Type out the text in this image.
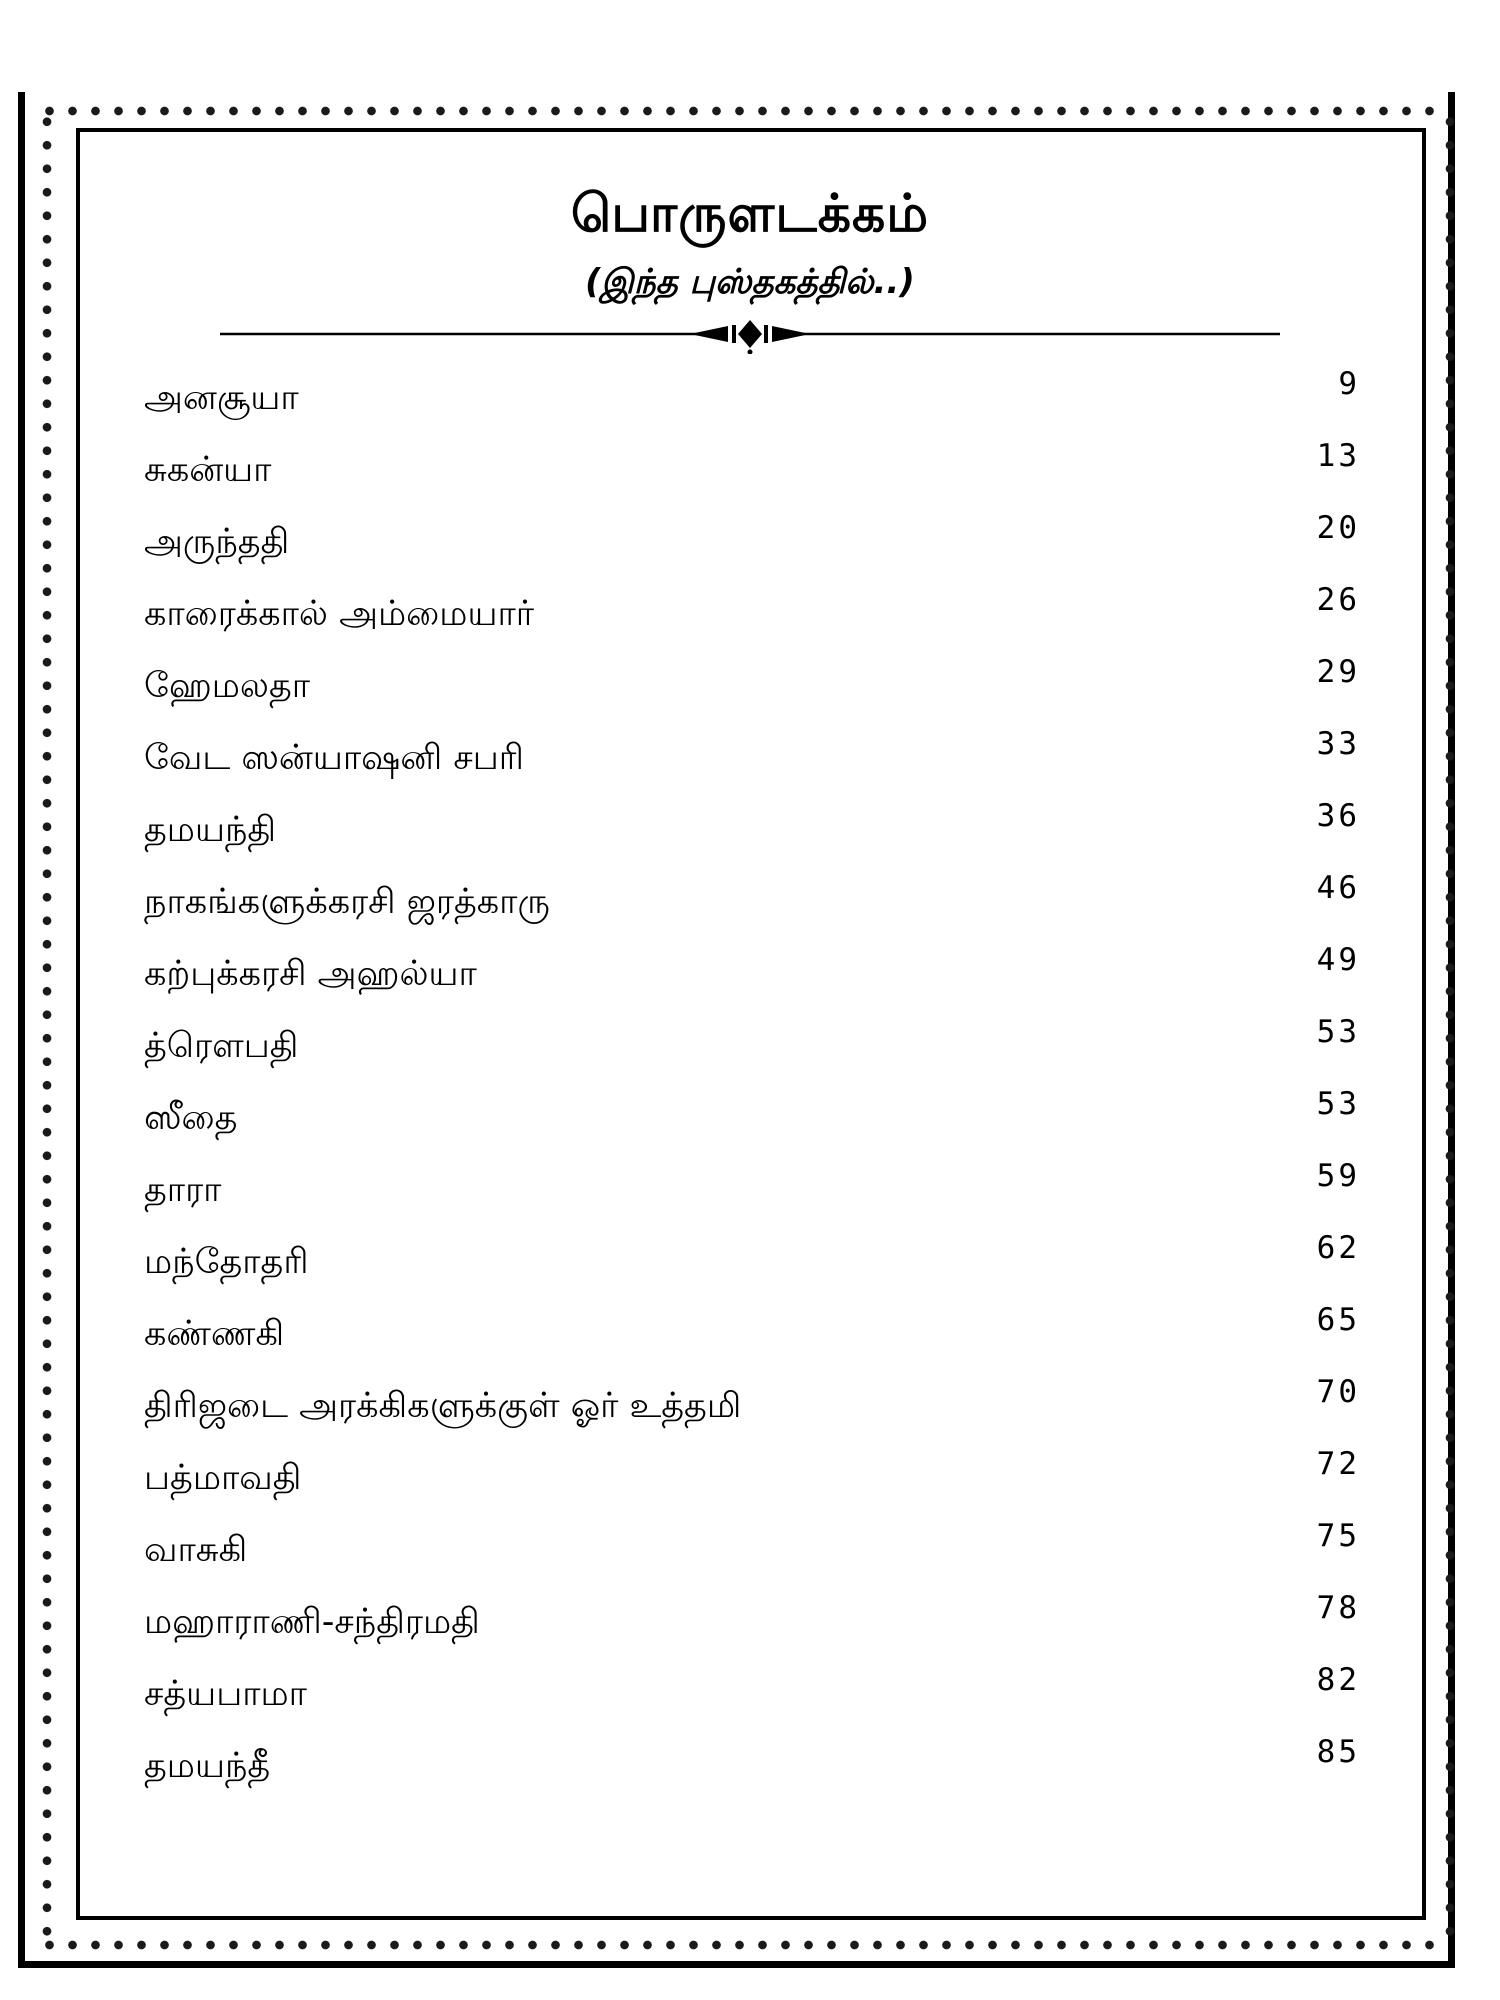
பொருளடக்கம்
(இந்த புஸ்தகத்தில்..)
அனசூயா	9
சுகன்யா	13
அருந்ததி	20
காரைக்கால் அம்மையார்	26
ஹேமலதா	29
வேட ஸன்யாஷனி சபரி	33
தமயந்தி	36
நாகங்களுக்கரசி ஜரத்காரு	46
கற்புக்கரசி அஹல்யா	49
த்ரௌபதி	53
ஸீதை	53
தாரா	59
மந்தோதரி	62
கண்ணகி	65
திரிஜடை அரக்கிகளுக்குள் ஓர் உத்தமி	70
பத்மாவதி	72
வாசுகி	75
மஹாராணி-சந்திரமதி	78
சத்யபாமா	82
தமயந்தீ	85
